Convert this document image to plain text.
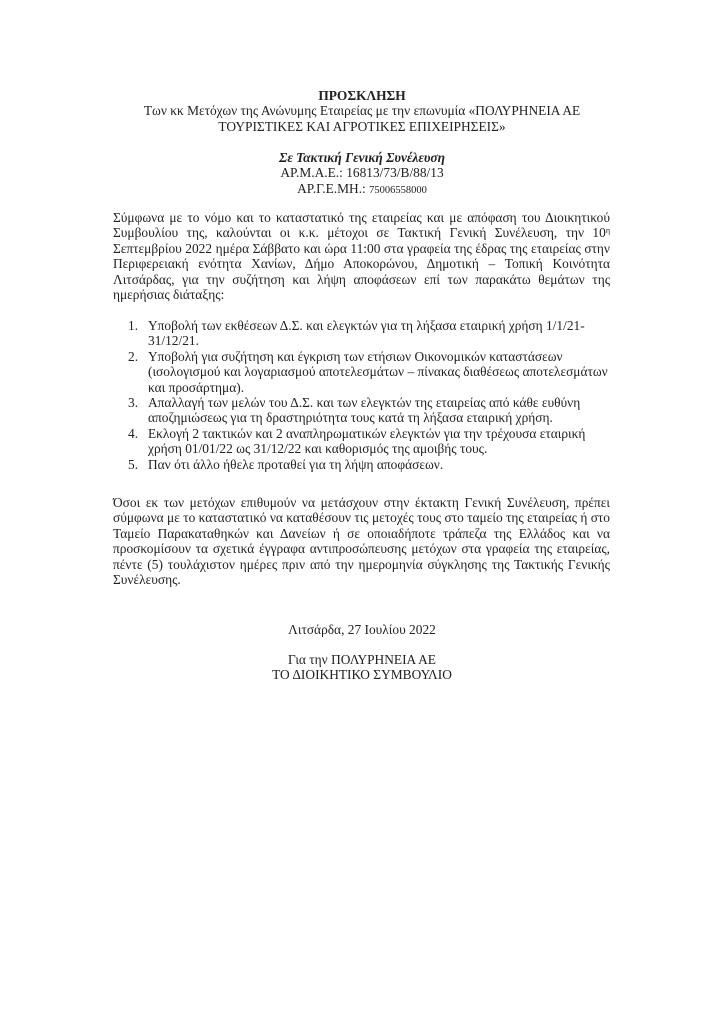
ΠΡΟΣΚΛΗΣΗ
Των κκ Μετόχων της Ανώνυμης Εταιρείας με την επωνυμία «ΠΟΛΥΡΗΝΕΙΑ ΑΕ
ΤΟΥΡΙΣΤΙΚΕΣ ΚΑΙ ΑΓΡΟΤΙΚΕΣ ΕΠΙΧΕΙΡΗΣΕΙΣ»
Σε Τακτική Γενική Συνέλευση
ΑΡ.Μ.Α.Ε.: 16813/73/Β/88/13
ΑΡ.Γ.Ε.ΜΗ.: 75006558000
Σύμφωνα με το νόμο και το καταστατικό της εταιρείας και με απόφαση του Διοικητικού Συμβουλίου της, καλούνται οι κ.κ. μέτοχοι σε Τακτική Γενική Συνέλευση, την $10^\eta$ Σεπτεμβρίου 2022 ημέρα Σάββατο και ώρα 11:00 στα γραφεία της έδρας της εταιρείας στην Περιφερειακή ενότητα Χανίων, Δήμο Αποκορώνου, Δημοτική – Τοπική Κοινότητα Λιτσάρδας, για την συζήτηση και λήψη αποφάσεων επί των παρακάτω θεμάτων της ημερήσιας διάταξης:
1. Υποβολή των εκθέσεων Δ.Σ. και ελεγκτών για τη λήξασα εταιρική χρήση 1/1/21-31/12/21.
2. Υποβολή για συζήτηση και έγκριση των ετήσιων Οικονομικών καταστάσεων (ισολογισμού και λογαριασμού αποτελεσμάτων – πίνακας διαθέσεως αποτελεσμάτων και προσάρτημα).
3. Απαλλαγή των μελών του Δ.Σ. και των ελεγκτών της εταιρείας από κάθε ευθύνη αποζημιώσεως για τη δραστηριότητα τους κατά τη λήξασα εταιρική χρήση.
4. Εκλογή 2 τακτικών και 2 αναπληρωματικών ελεγκτών για την τρέχουσα εταιρική χρήση 01/01/22 ως 31/12/22 και καθορισμός της αμοιβής τους.
5. Παν ότι άλλο ήθελε προταθεί για τη λήψη αποφάσεων.
Όσοι εκ των μετόχων επιθυμούν να μετάσχουν στην έκτακτη Γενική Συνέλευση, πρέπει σύμφωνα με το καταστατικό να καταθέσουν τις μετοχές τους στο ταμείο της εταιρείας ή στο Ταμείο Παρακαταθηκών και Δανείων ή σε οποιαδήποτε τράπεζα της Ελλάδος και να προσκομίσουν τα σχετικά έγγραφα αντιπροσώπευσης μετόχων στα γραφεία της εταιρείας, πέντε (5) τουλάχιστον ημέρες πριν από την ημερομηνία σύγκλησης της Τακτικής Γενικής Συνέλευσης.
Λιτσάρδα, 27 Ιουλίου 2022
Για την ΠΟΛΥΡΗΝΕΙΑ ΑΕ
ΤΟ ΔΙΟΙΚΗΤΙΚΟ ΣΥΜΒΟΥΛΙΟ
